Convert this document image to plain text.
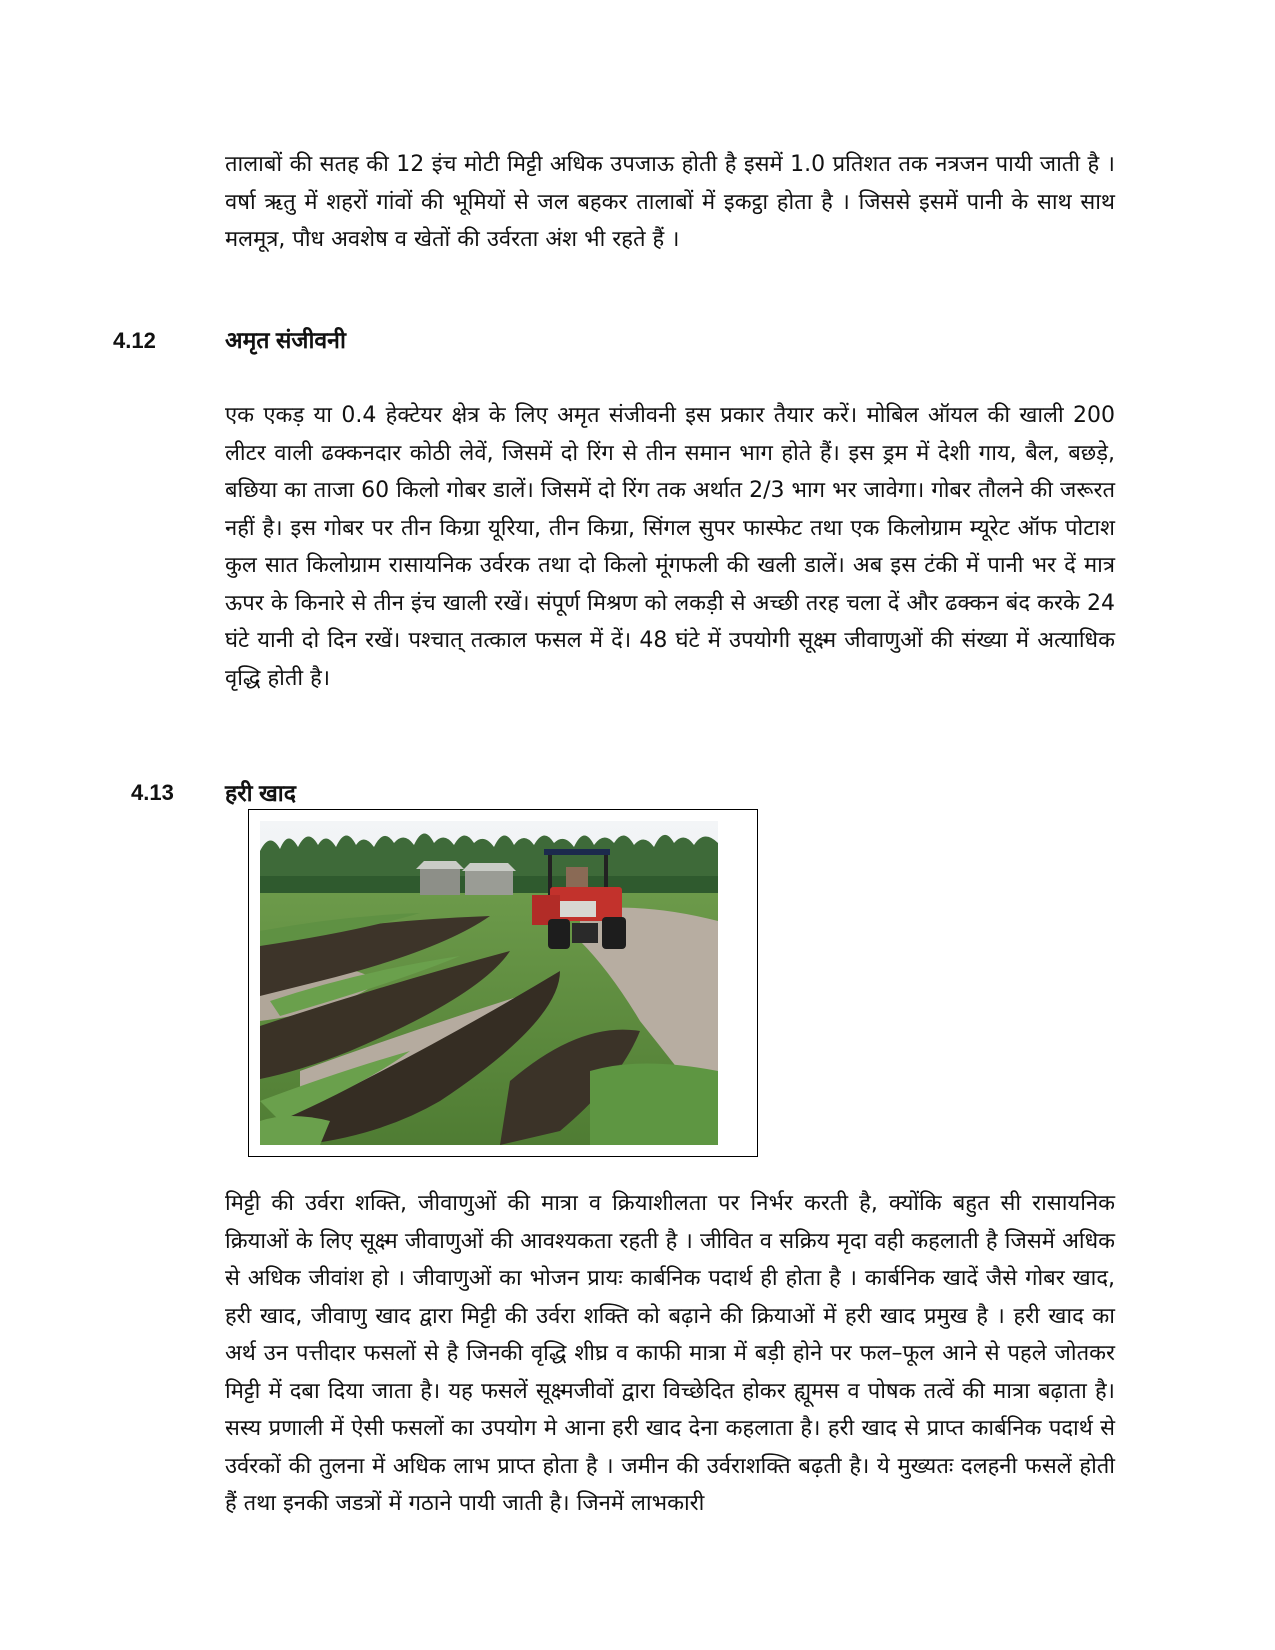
तालाबों की सतह की 12 इंच मोटी मिट्टी अधिक उपजाऊ होती है इसमें 1.0 प्रतिशत तक नत्रजन पायी जाती है । वर्षा ऋतु में शहरों गांवों की भूमियों से जल बहकर तालाबों में इकट्ठा होता है । जिससे इसमें पानी के साथ साथ मलमूत्र, पौध अवशेष व खेतों की उर्वरता अंश भी रहते हैं ।

4.12	अमृत संजीवनी

एक एकड़ या 0.4 हेक्टेयर क्षेत्र के लिए अमृत संजीवनी इस प्रकार तैयार करें। मोबिल ऑयल की खाली 200 लीटर वाली ढक्कनदार कोठी लेवें, जिसमें दो रिंग से तीन समान भाग होते हैं। इस ड्रम में देशी गाय, बैल, बछड़े, बछिया का ताजा 60 किलो गोबर डालें। जिसमें दो रिंग तक अर्थात 2/3 भाग भर जावेगा। गोबर तौलने की जरूरत नहीं है। इस गोबर पर तीन किग्रा यूरिया, तीन किग्रा, सिंगल सुपर फास्फेट तथा एक किलोग्राम म्यूरेट ऑफ पोटाश कुल सात किलोग्राम रासायनिक उर्वरक तथा दो किलो मूंगफली की खली डालें। अब इस टंकी में पानी भर दें मात्र ऊपर के किनारे से तीन इंच खाली रखें। संपूर्ण मिश्रण को लकड़ी से अच्छी तरह चला दें और ढक्कन बंद करके 24 घंटे यानी दो दिन रखें। पश्चात् तत्काल फसल में दें। 48 घंटे में उपयोगी सूक्ष्म जीवाणुओं की संख्या में अत्याधिक वृद्धि होती है।

4.13 हरी खाद

मिट्टी की उर्वरा शक्ति, जीवाणुओं की मात्रा व क्रियाशीलता पर निर्भर करती है, क्योंकि बहुत सी रासायनिक क्रियाओं के लिए सूक्ष्म जीवाणुओं की आवश्यकता रहती है । जीवित व सक्रिय मृदा वही कहलाती है जिसमें अधिक से अधिक जीवांश हो । जीवाणुओं का भोजन प्रायः कार्बनिक पदार्थ ही होता है । कार्बनिक खादें जैसे गोबर खाद, हरी खाद, जीवाणु खाद द्वारा मिट्टी की उर्वरा शक्ति को बढ़ाने की क्रियाओं में हरी खाद प्रमुख है । हरी खाद का अर्थ उन पत्तीदार फसलों से है जिनकी वृद्धि शीघ्र व काफी मात्रा में बड़ी होने पर फल–फूल आने से पहले जोतकर मिट्टी में दबा दिया जाता है। यह फसलें सूक्ष्मजीवों द्वारा विच्छेदित होकर ह्यूमस व पोषक तत्वें की मात्रा बढ़ाता है। सस्य प्रणाली में ऐसी फसलों का उपयोग मे आना हरी खाद देना कहलाता है। हरी खाद से प्राप्त कार्बनिक पदार्थ से उर्वरकों की तुलना में अधिक लाभ प्राप्त होता है । जमीन की उर्वराशक्ति बढ़ती है। ये मुख्यतः दलहनी फसलें होती हैं तथा इनकी जडत्रों में गठाने पायी जाती है। जिनमें लाभकारी
